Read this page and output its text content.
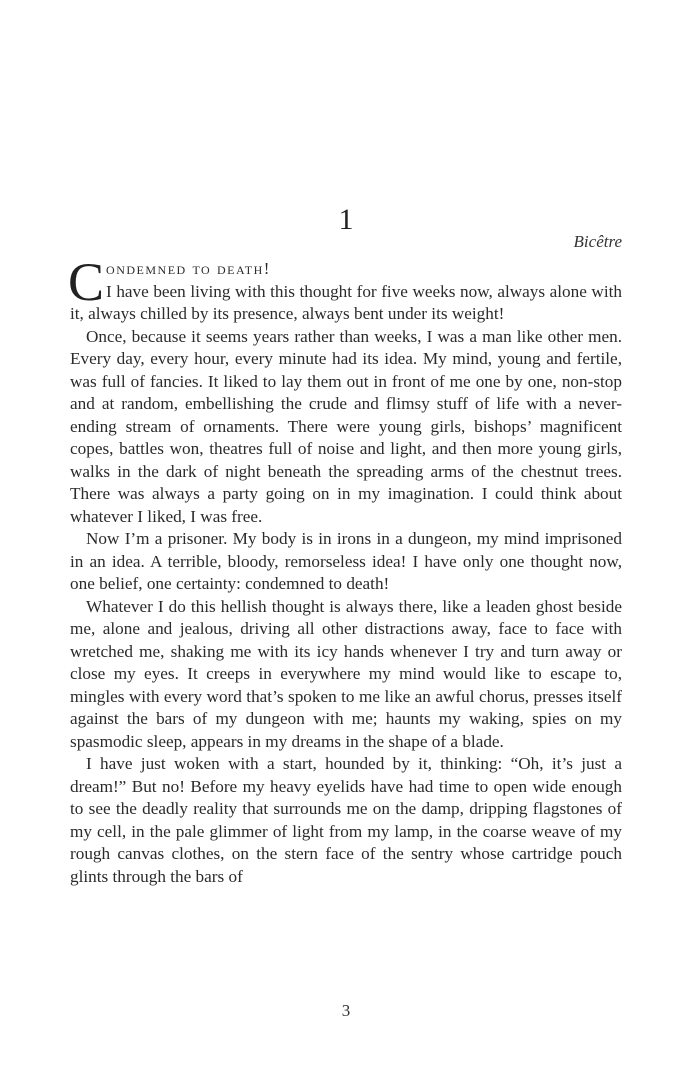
1
Bicêtre

C ondemned to death!
I have been living with this thought for five weeks now, always alone with it, always chilled by its presence, always bent under its weight!

Once, because it seems years rather than weeks, I was a man like other men. Every day, every hour, every minute had its idea. My mind, young and fertile, was full of fancies. It liked to lay them out in front of me one by one, non-stop and at random, embellishing the crude and flimsy stuff of life with a never-ending stream of ornaments. There were young girls, bishops’ magnificent copes, battles won, theatres full of noise and light, and then more young girls, walks in the dark of night beneath the spreading arms of the chestnut trees. There was always a party going on in my imagination. I could think about whatever I liked, I was free.

Now I’m a prisoner. My body is in irons in a dungeon, my mind imprisoned in an idea. A terrible, bloody, remorseless idea! I have only one thought now, one belief, one certainty: condemned to death!

Whatever I do this hellish thought is always there, like a leaden ghost beside me, alone and jealous, driving all other distractions away, face to face with wretched me, shaking me with its icy hands whenever I try and turn away or close my eyes. It creeps in everywhere my mind would like to escape to, mingles with every word that’s spoken to me like an awful chorus, presses itself against the bars of my dungeon with me; haunts my waking, spies on my spasmodic sleep, appears in my dreams in the shape of a blade.

I have just woken with a start, hounded by it, thinking: “Oh, it’s just a dream!” But no! Before my heavy eyelids have had time to open wide enough to see the deadly reality that surrounds me on the damp, dripping flagstones of my cell, in the pale glimmer of light from my lamp, in the coarse weave of my rough canvas clothes, on the stern face of the sentry whose cartridge pouch glints through the bars of

3
